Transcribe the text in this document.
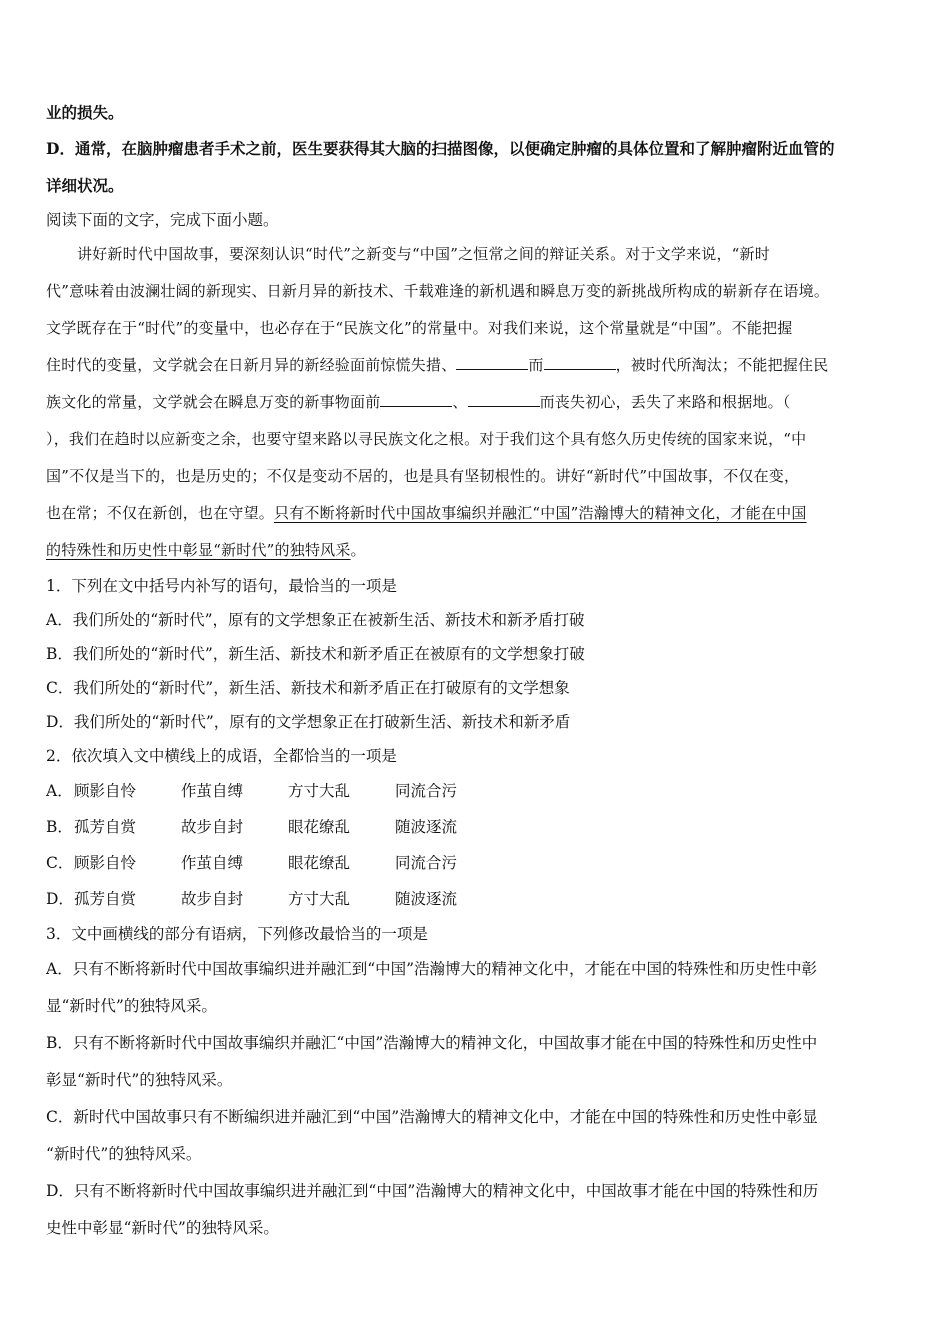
业的损失。

D．通常，在脑肿瘤患者手术之前，医生要获得其大脑的扫描图像，以便确定肿瘤的具体位置和了解肿瘤附近血管的

详细状况。

阅读下面的文字，完成下面小题。

讲好新时代中国故事，要深刻认识“时代”之新变与“中国”之恒常之间的辩证关系。对于文学来说，“新时
代”意味着由波澜壮阔的新现实、日新月异的新技术、千载难逢的新机遇和瞬息万变的新挑战所构成的崭新存在语境。
文学既存在于“时代”的变量中，也必存在于“民族文化”的常量中。对我们来说，这个常量就是“中国”。不能把握
住时代的变量，文学就会在日新月异的新经验面前惊慌失措、	而	，被时代所淘汰；不能把握住民
族文化的常量，文学就会在瞬息万变的新事物面前	、	而丧失初心，丢失了来路和根据地。（
），我们在趋时以应新变之余，也要守望来路以寻民族文化之根。对于我们这个具有悠久历史传统的国家来说，“中
国”不仅是当下的，也是历史的；不仅是变动不居的，也是具有坚韧根性的。讲好“新时代”中国故事，不仅在变，
也在常；不仅在新创，也在守望。只有不断将新时代中国故事编织并融汇“中国”浩瀚博大的精神文化，才能在中国
的特殊性和历史性中彰显“新时代”的独特风采。

1．下列在文中括号内补写的语句，最恰当的一项是

A．我们所处的“新时代”，原有的文学想象正在被新生活、新技术和新矛盾打破

B．我们所处的“新时代”，新生活、新技术和新矛盾正在被原有的文学想象打破

C．我们所处的“新时代”，新生活、新技术和新矛盾正在打破原有的文学想象

D．我们所处的“新时代”，原有的文学想象正在打破新生活、新技术和新矛盾

2．依次填入文中横线上的成语，全都恰当的一项是

A． 顾影自怜	作茧自缚	方寸大乱	同流合污
B． 孤芳自赏	故步自封	眼花缭乱	随波逐流
C． 顾影自怜	作茧自缚	眼花缭乱	同流合污
D． 孤芳自赏	故步自封	方寸大乱	随波逐流

3．文中画横线的部分有语病，下列修改最恰当的一项是

A．只有不断将新时代中国故事编织进并融汇到“中国”浩瀚博大的精神文化中，才能在中国的特殊性和历史性中彰

显“新时代”的独特风采。

B．只有不断将新时代中国故事编织并融汇“中国”浩瀚博大的精神文化，中国故事才能在中国的特殊性和历史性中

彰显“新时代”的独特风采。

C．新时代中国故事只有不断编织进并融汇到“中国”浩瀚博大的精神文化中，才能在中国的特殊性和历史性中彰显

“新时代”的独特风采。

D．只有不断将新时代中国故事编织进并融汇到“中国”浩瀚博大的精神文化中，中国故事才能在中国的特殊性和历

史性中彰显“新时代”的独特风采。
